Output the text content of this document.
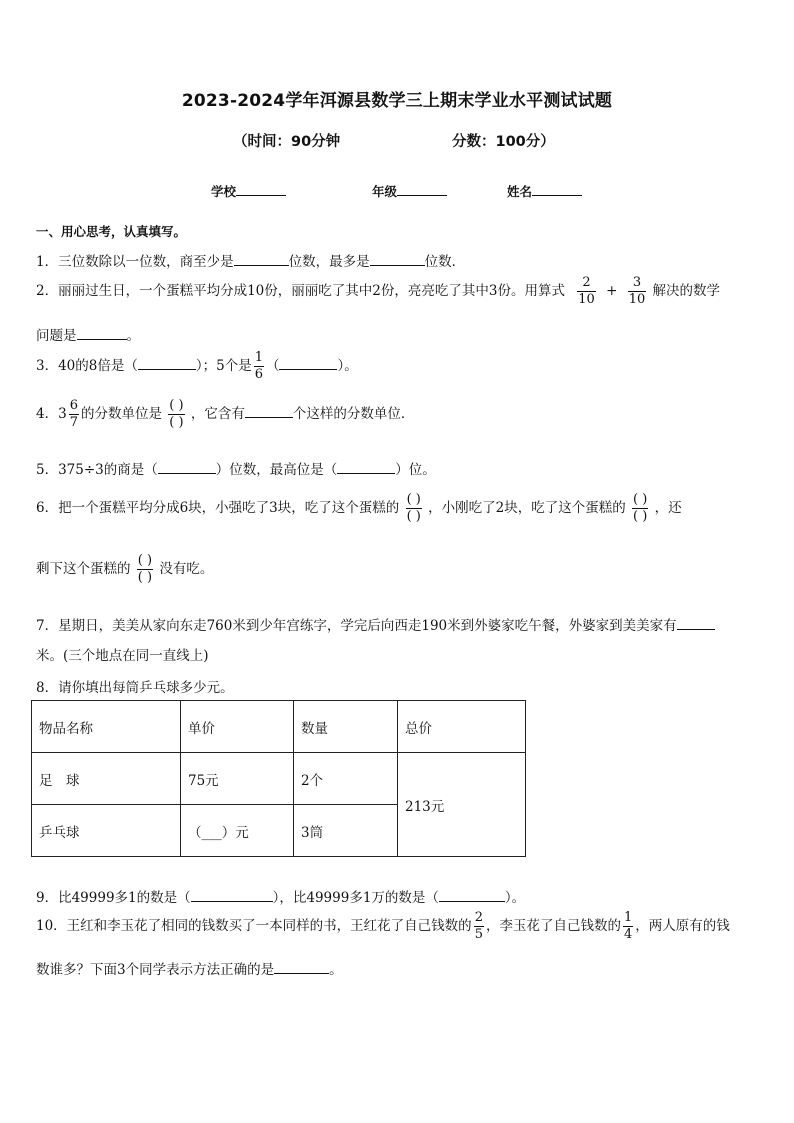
2023-2024学年洱源县数学三上期末学业水平测试试题
（时间：90分钟	分数：100分）
学校	年级	姓名
一、用心思考，认真填写。
1．三位数除以一位数，商至少是	位数，最多是	位数．
2．丽丽过生日，一个蛋糕平均分成10份，丽丽吃了其中2份，亮亮吃了其中3份。用算式 $\frac{2}{10} + \frac{3}{10}$ 解决的数学
问题是	。
3．40的8倍是（	）；5个是 $\frac{1}{6}$ （	）。
4．$3 \frac{6}{7}$ 的分数单位是 $\frac{( )}{( )}$ ，它含有	个这样的分数单位．
5．375÷3的商是（	）位数，最高位是（	）位。
6．把一个蛋糕平均分成6块，小强吃了3块，吃了这个蛋糕的 $\frac{( )}{( )}$ ，小刚吃了2块，吃了这个蛋糕的 $\frac{( )}{( )}$ ，还
剩下这个蛋糕的 $\frac{( )}{( )}$ 没有吃。
7．星期日，美美从家向东走760米到少年宫练字，学完后向西走190米到外婆家吃午餐，外婆家到美美家有
米。(三个地点在同一直线上)
8．请你填出每筒乒乓球多少元。
物品名称	单价	数量	总价
足　球	75元	2个	213元
乒乓球	（___）元	3筒	
9．比49999多1的数是（	），比49999多1万的数是（	）。
10．王红和李玉花了相同的钱数买了一本同样的书，王红花了自己钱数的 $\frac{2}{5}$ ，李玉花了自己钱数的 $\frac{1}{4}$ ，两人原有的钱
数谁多？下面3个同学表示方法正确的是	。
